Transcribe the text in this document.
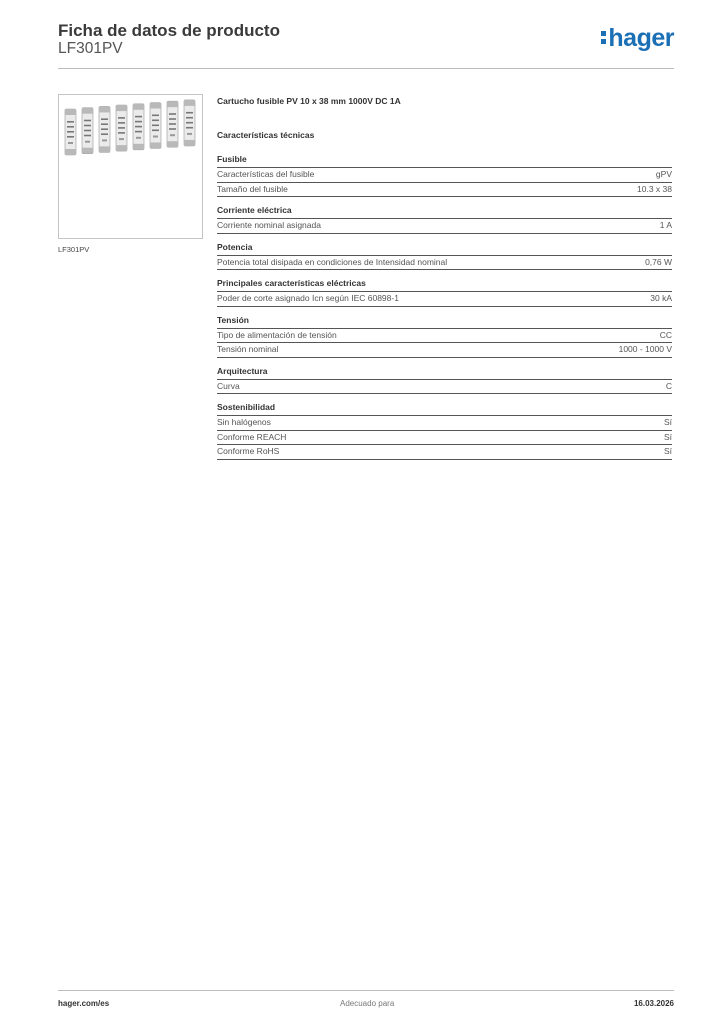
Ficha de datos de producto
LF301PV	hager
LF301PV
Cartucho fusible PV 10 x 38 mm 1000V DC 1A
Características técnicas
Fusible
Características del fusible	gPV
Tamaño del fusible	10.3 x 38
Corriente eléctrica
Corriente nominal asignada	1 A
Potencia
Potencia total disipada en condiciones de Intensidad nominal	0,76 W
Principales características eléctricas
Poder de corte asignado Icn según IEC 60898-1	30 kA
Tensión
Tipo de alimentación de tensión	CC
Tensión nominal	1000 - 1000 V
Arquitectura
Curva	C
Sostenibilidad
Sin halógenos	Sí
Conforme REACH	Sí
Conforme RoHS	Sí
hager.com/es	Adecuado para	16.03.2026
